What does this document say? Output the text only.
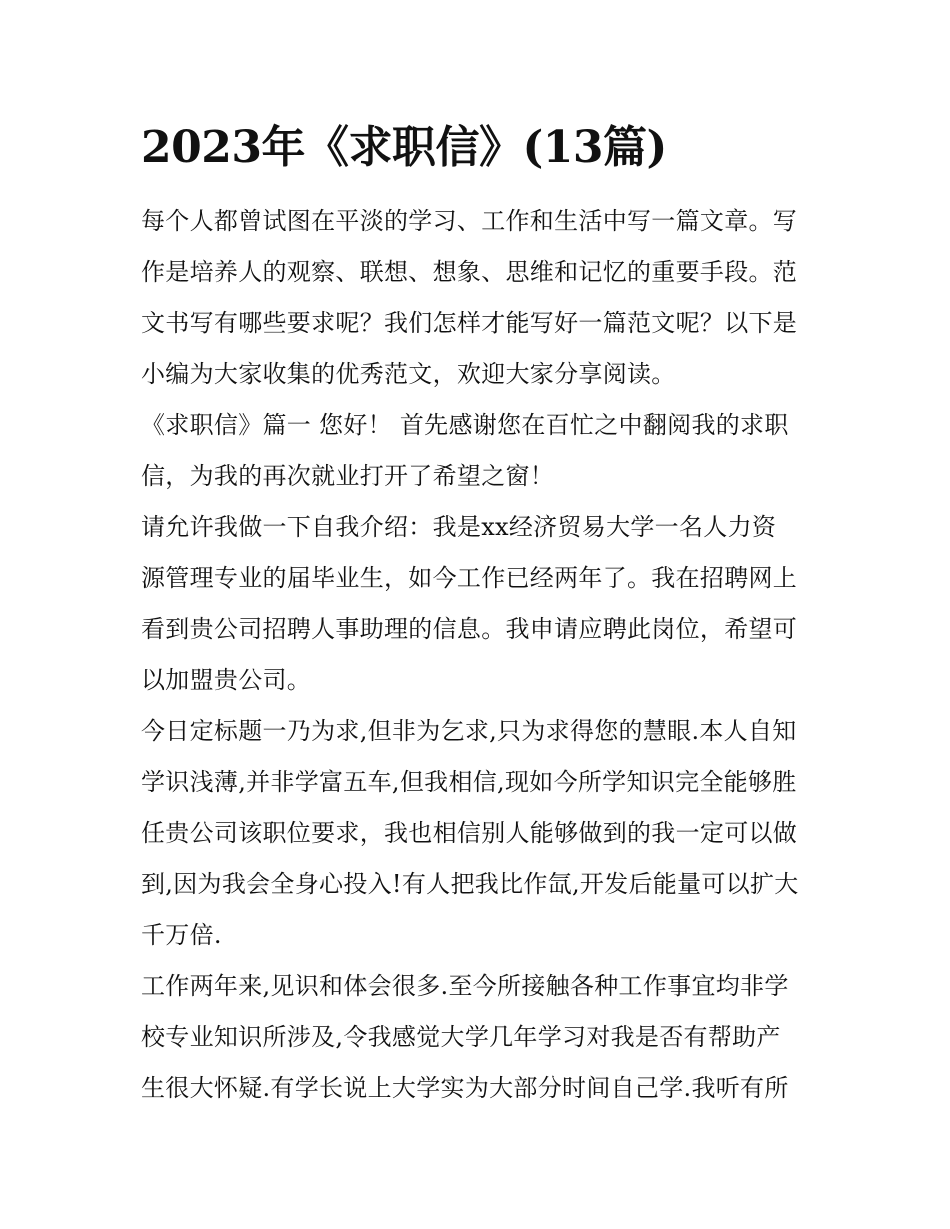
2023年《求职信》(13篇)
每个人都曾试图在平淡的学习、工作和生活中写一篇文章。写
作是培养人的观察、联想、想象、思维和记忆的重要手段。范
文书写有哪些要求呢？我们怎样才能写好一篇范文呢？以下是
小编为大家收集的优秀范文，欢迎大家分享阅读。
《求职信》篇一 您好！ 首先感谢您在百忙之中翻阅我的求职
信，为我的再次就业打开了希望之窗！
请允许我做一下自我介绍：我是xx经济贸易大学一名人力资
源管理专业的届毕业生，如今工作已经两年了。我在招聘网上
看到贵公司招聘人事助理的信息。我申请应聘此岗位，希望可
以加盟贵公司。
今日定标题一乃为求,但非为乞求,只为求得您的慧眼.本人自知
学识浅薄,并非学富五车,但我相信,现如今所学知识完全能够胜
任贵公司该职位要求，我也相信别人能够做到的我一定可以做
到,因为我会全身心投入!有人把我比作氙,开发后能量可以扩大
千万倍.
工作两年来,见识和体会很多.至今所接触各种工作事宜均非学
校专业知识所涉及,令我感觉大学几年学习对我是否有帮助产
生很大怀疑.有学长说上大学实为大部分时间自己学.我听有所
